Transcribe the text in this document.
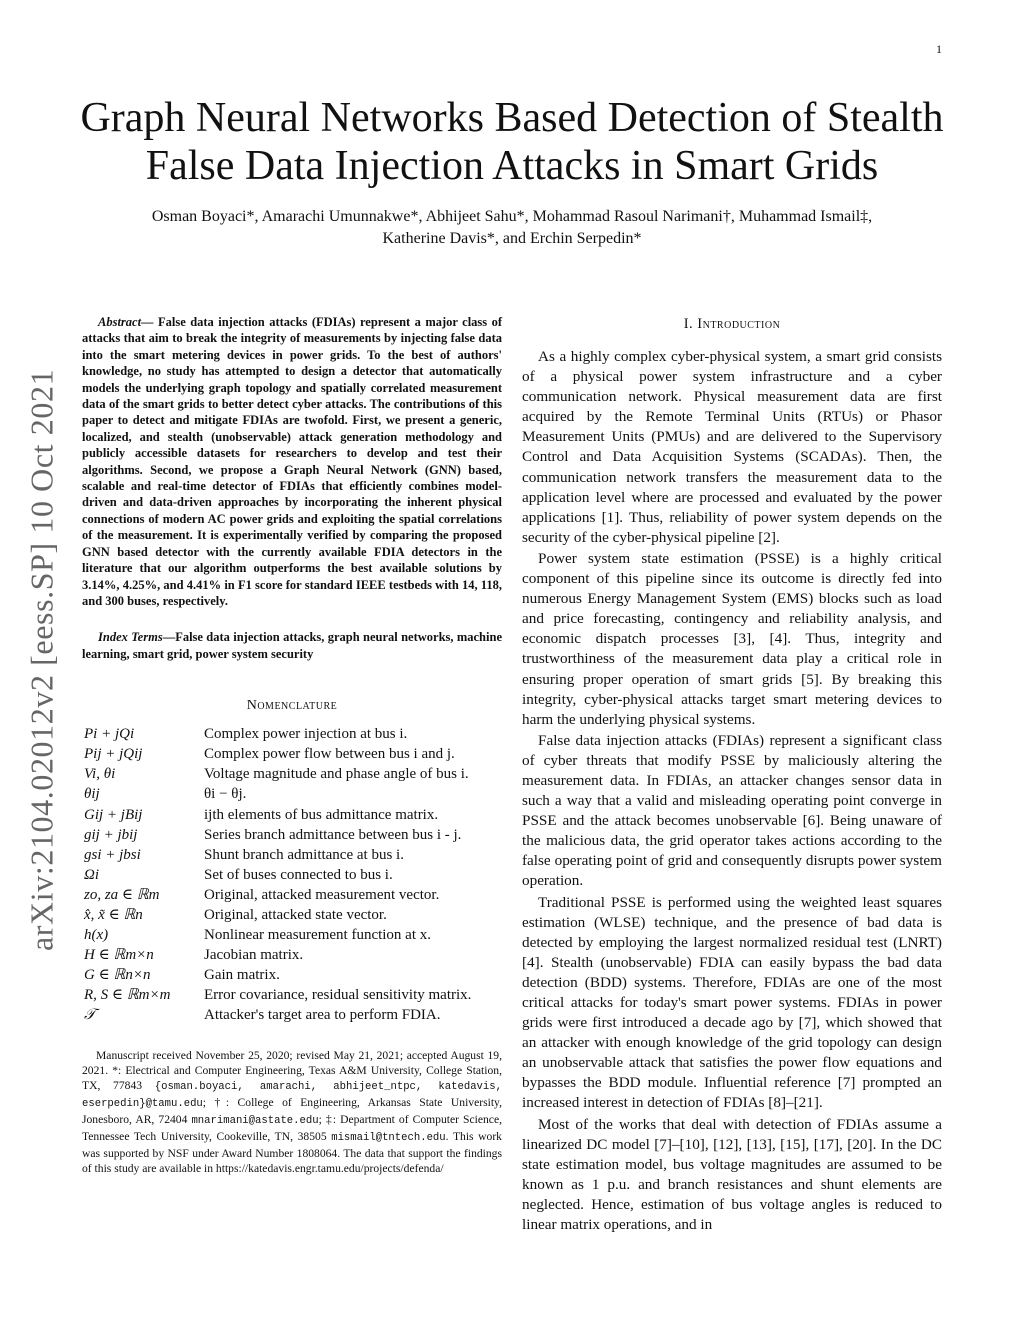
1
arXiv:2104.02012v2 [eess.SP] 10 Oct 2021
Graph Neural Networks Based Detection of Stealth
False Data Injection Attacks in Smart Grids
Osman Boyaci*, Amarachi Umunnakwe*, Abhijeet Sahu*, Mohammad Rasoul Narimani†, Muhammad Ismail‡,
Katherine Davis*, and Erchin Serpedin*

Abstract— False data injection attacks (FDIAs) represent a major class of attacks that aim to break the integrity of measurements by injecting false data into the smart metering devices in power grids. To the best of authors' knowledge, no study has attempted to design a detector that automatically models the underlying graph topology and spatially correlated measurement data of the smart grids to better detect cyber attacks. The contributions of this paper to detect and mitigate FDIAs are twofold. First, we present a generic, localized, and stealth (unobservable) attack generation methodology and publicly accessible datasets for researchers to develop and test their algorithms. Second, we propose a Graph Neural Network (GNN) based, scalable and real-time detector of FDIAs that efficiently combines model-driven and data-driven approaches by incorporating the inherent physical connections of modern AC power grids and exploiting the spatial correlations of the measurement. It is experimentally verified by comparing the proposed GNN based detector with the currently available FDIA detectors in the literature that our algorithm outperforms the best available solutions by 3.14%, 4.25%, and 4.41% in F1 score for standard IEEE testbeds with 14, 118, and 300 buses, respectively.

Index Terms—False data injection attacks, graph neural networks, machine learning, smart grid, power system security

Nomenclature
Pi + jQi	Complex power injection at bus i.
Pij + jQij	Complex power flow between bus i and j.
Vi, θi	Voltage magnitude and phase angle of bus i.
θij	θi − θj.
Gij + jBij	ijth elements of bus admittance matrix.
gij + jbij	Series branch admittance between bus i - j.
gsi + jbsi	Shunt branch admittance at bus i.
Ωi	Set of buses connected to bus i.
zo, za ∈ ℝm	Original, attacked measurement vector.
x̂, x̃ ∈ ℝn	Original, attacked state vector.
h(x)	Nonlinear measurement function at x.
H ∈ ℝm×n	Jacobian matrix.
G ∈ ℝn×n	Gain matrix.
R, S ∈ ℝm×m	Error covariance, residual sensitivity matrix.
𝒯	Attacker's target area to perform FDIA.
Manuscript received November 25, 2020; revised May 21, 2021; accepted August 19, 2021. *: Electrical and Computer Engineering, Texas A&M University, College Station, TX, 77843 {osman.boyaci, amarachi, abhijeet_ntpc, katedavis, eserpedin}@tamu.edu; †: College of Engineering, Arkansas State University, Jonesboro, AR, 72404 mnarimani@astate.edu; ‡: Department of Computer Science, Tennessee Tech University, Cookeville, TN, 38505 mismail@tntech.edu. This work was supported by NSF under Award Number 1808064. The data that support the findings of this study are available in https://katedavis.engr.tamu.edu/projects/defenda/
I. Introduction

As a highly complex cyber-physical system, a smart grid consists of a physical power system infrastructure and a cyber communication network. Physical measurement data are first acquired by the Remote Terminal Units (RTUs) or Phasor Measurement Units (PMUs) and are delivered to the Supervisory Control and Data Acquisition Systems (SCADAs). Then, the communication network transfers the measurement data to the application level where are processed and evaluated by the power applications [1]. Thus, reliability of power system depends on the security of the cyber-physical pipeline [2].

Power system state estimation (PSSE) is a highly critical component of this pipeline since its outcome is directly fed into numerous Energy Management System (EMS) blocks such as load and price forecasting, contingency and reliability analysis, and economic dispatch processes [3], [4]. Thus, integrity and trustworthiness of the measurement data play a critical role in ensuring proper operation of smart grids [5]. By breaking this integrity, cyber-physical attacks target smart metering devices to harm the underlying physical systems.

False data injection attacks (FDIAs) represent a significant class of cyber threats that modify PSSE by maliciously altering the measurement data. In FDIAs, an attacker changes sensor data in such a way that a valid and misleading operating point converge in PSSE and the attack becomes unobservable [6]. Being unaware of the malicious data, the grid operator takes actions according to the false operating point of grid and consequently disrupts power system operation.

Traditional PSSE is performed using the weighted least squares estimation (WLSE) technique, and the presence of bad data is detected by employing the largest normalized residual test (LNRT) [4]. Stealth (unobservable) FDIA can easily bypass the bad data detection (BDD) systems. Therefore, FDIAs are one of the most critical attacks for today's smart power systems. FDIAs in power grids were first introduced a decade ago by [7], which showed that an attacker with enough knowledge of the grid topology can design an unobservable attack that satisfies the power flow equations and bypasses the BDD module. Influential reference [7] prompted an increased interest in detection of FDIAs [8]–[21].

Most of the works that deal with detection of FDIAs assume a linearized DC model [7]–[10], [12], [13], [15], [17], [20]. In the DC state estimation model, bus voltage magnitudes are assumed to be known as 1 p.u. and branch resistances and shunt elements are neglected. Hence, estimation of bus voltage angles is reduced to linear matrix operations, and in
